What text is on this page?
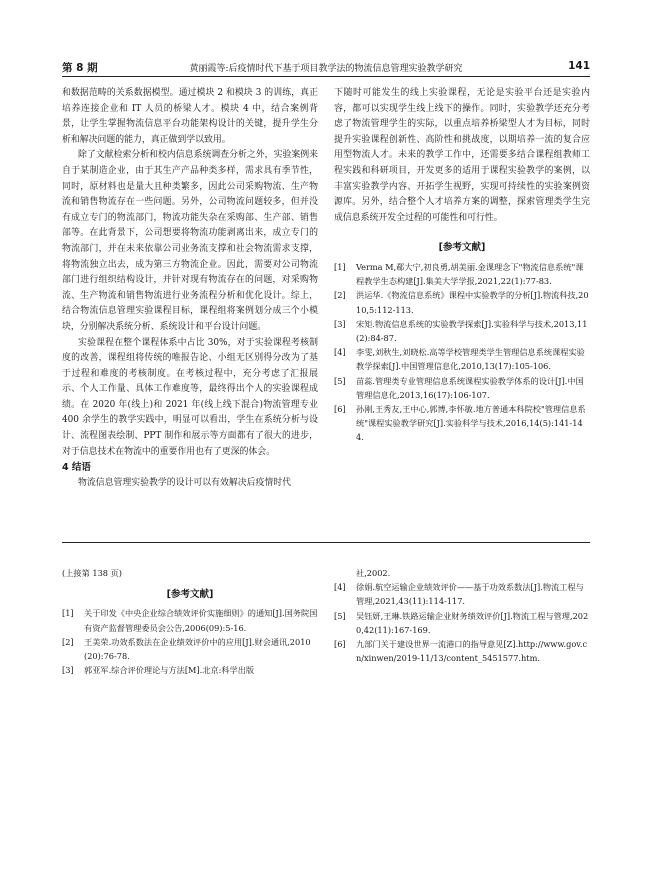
第 8 期	黄丽霞等:后疫情时代下基于项目教学法的物流信息管理实验教学研究	141

和数据范畴的关系数据模型。通过模块 2 和模块 3 的训练，真正培养连接企业和 IT 人员的桥梁人才。模块 4 中，结合案例背景，让学生掌握物流信息平台功能架构设计的关键，提升学生分析和解决问题的能力，真正做到学以致用。

除了文献检索分析和校内信息系统调查分析之外，实验案例来自于某制造企业，由于其生产产品种类多样，需求具有季节性，同时，原材料也是量大且种类繁多，因此公司采购物流、生产物流和销售物流存在一些问题。另外，公司物流问题较多，但并没有成立专门的物流部门，物流功能失杂在采购部、生产部、销售部等。在此背景下，公司想要将物流功能剥离出来，成立专门的物流部门，并在未来依靠公司业务流支撑和社会物流需求支撑，将物流独立出去，成为第三方物流企业。因此，需要对公司物流部门进行组织结构设计，并针对现有物流存在的问题，对采购物流、生产物流和销售物流进行业务流程分析和优化设计。综上，结合物流信息管理实验课程目标，课程组将案例划分成三个小模块，分别解决系统分析、系统设计和平台设计问题。

实验课程在整个课程体系中占比 30%，对于实验课程考核制度的改善，课程组将传统的唯报告论、小组无区别得分改为了基于过程和难度的考核制度。在考核过程中，充分考虑了汇报展示、个人工作量、具体工作难度等，最终得出个人的实验课程成绩。在 2020 年(线上)和 2021 年(线上线下混合)物流管理专业 400 余学生的教学实践中，明显可以看出，学生在系统分析与设计、流程图表绘制、PPT 制作和展示等方面都有了很大的进步，对于信息技术在物流中的重要作用也有了更深的体会。

4 结语

物流信息管理实验教学的设计可以有效解决后疫情时代

下随时可能发生的线上实验课程，无论是实验平台还是实验内容，都可以实现学生线上线下的操作。同时，实验教学还充分考虑了物流管理学生的实际，以重点培养桥梁型人才为目标，同时提升实验课程创新性、高阶性和挑战度，以期培养一流的复合应用型物流人才。未来的教学工作中，还需要多结合课程组教师工程实践和科研项目，开发更多的适用于课程实验教学的案例，以丰富实验教学内容、开拓学生视野，实现可持续性的实验案例资源库。另外，结合整个人才培养方案的调整，探索管理类学生完成信息系统开发全过程的可能性和可行性。

[参考文献]
[1] Verma M,郗大宁,初良勇,胡美丽.金课理念下"物流信息系统"课程教学生态构建[J].集美大学学报,2021,22(1):77-83.
[2] 洪运华.《物流信息系统》课程中实验教学的分析[J].物流科技,2010,5:112-113.
[3] 宋矩.物流信息系统的实验教学探索[J].实验科学与技术,2013,11(2):84-87.
[4] 李雯,刘秋生,刘晓松.高等学校管理类学生管理信息系统课程实验教学探索[J].中国管理信息化,2010,13(17):105-106.
[5] 苗蕊.管理类专业管理信息系统课程实验教学体系的设计[J].中国管理信息化,2013,16(17):106-107.
[6] 孙刚,王秀友,王中心,郭博,李怀敏.地方普通本科院校"管理信息系统"课程实验教学研究[J].实验科学与技术,2016,14(5):141-144.
(上接第 138 页)
[参考文献]
[1] 关于印发《中央企业综合绩效评价实施细则》的通知[J].国务院国有资产监督管理委员会公告,2006(09):5-16.
[2] 王美荣.功效系数法在企业绩效评价中的应用[J].财会通讯,2010(20):76-78.
[3] 郭亚军.综合评价理论与方法[M].北京:科学出版
社,2002.
[4] 徐娟.航空运输企业绩效评价——基于功效系数法[J].物流工程与管理,2021,43(11):114-117.
[5] 吴钰妍,王琳.铁路运输企业财务绩效评价[J].物流工程与管理,2020,42(11):167-169.
[6] 九部门关于建设世界一流港口的指导意见[Z].http://www.gov.cn/xinwen/2019-11/13/content_5451577.htm.
